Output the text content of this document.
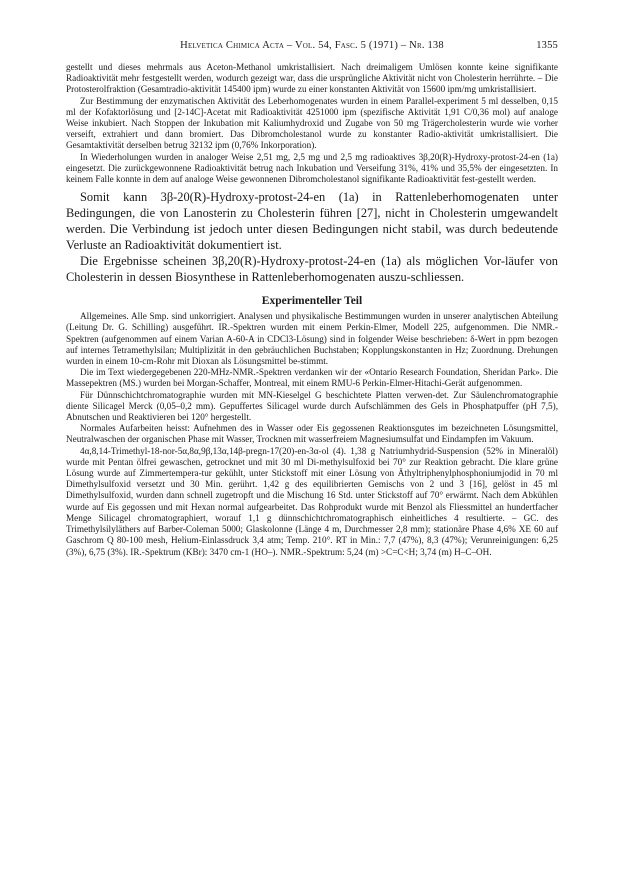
Helvetica Chimica Acta – Vol. 54, Fasc. 5 (1971) – Nr. 138	1355

gestellt und dieses mehrmals aus Aceton-Methanol umkristallisiert. Nach dreimaligem Umlösen konnte keine signifikante Radioaktivität mehr festgestellt werden, wodurch gezeigt war, dass die ursprüngliche Aktivität nicht von Cholesterin herrührte. – Die Protosterolfraktion (Gesamtradio-aktivität 145400 ipm) wurde zu einer konstanten Aktivität von 15600 ipm/mg umkristallisiert.

Zur Bestimmung der enzymatischen Aktivität des Leberhomogenates wurden in einem Parallel-experiment 5 ml desselben, 0,15 ml der Kofaktorlösung und [2-14C]-Acetat mit Radioaktivität 4251000 ipm (spezifische Aktivität 1,91 C/0,36 mol) auf analoge Weise inkubiert. Nach Stoppen der Inkubation mit Kaliumhydroxid und Zugabe von 50 mg Trägercholesterin wurde wie vorher verseift, extrahiert und dann bromiert. Das Dibromcholestanol wurde zu konstanter Radio-aktivität umkristallisiert. Die Gesamtaktivität derselben betrug 32132 ipm (0,76% Inkorporation).

In Wiederholungen wurden in analoger Weise 2,51 mg, 2,5 mg und 2,5 mg radioaktives 3β,20(R)-Hydroxy-protost-24-en (1a) eingesetzt. Die zurückgewonnene Radioaktivität betrug nach Inkubation und Verseifung 31%, 41% und 35,5% der eingesetzten. In keinem Falle konnte in dem auf analoge Weise gewonnenen Dibromcholestanol signifikante Radioaktivität fest-gestellt werden.

Somit kann 3β-20(R)-Hydroxy-protost-24-en (1a) in Rattenleberhomogenaten unter Bedingungen, die von Lanosterin zu Cholesterin führen [27], nicht in Cholesterin umgewandelt werden. Die Verbindung ist jedoch unter diesen Bedingungen nicht stabil, was durch bedeutende Verluste an Radioaktivität dokumentiert ist.

Die Ergebnisse scheinen 3β,20(R)-Hydroxy-protost-24-en (1a) als möglichen Vor-läufer von Cholesterin in dessen Biosynthese in Rattenleberhomogenaten auszu-schliessen.

Experimenteller Teil

Allgemeines. Alle Smp. sind unkorrigiert. Analysen und physikalische Bestimmungen wurden in unserer analytischen Abteilung (Leitung Dr. G. Schilling) ausgeführt. IR.-Spektren wurden mit einem Perkin-Elmer, Modell 225, aufgenommen. Die NMR.-Spektren (aufgenommen auf einem Varian A-60-A in CDCl3-Lösung) sind in folgender Weise beschrieben: δ-Wert in ppm bezogen auf internes Tetramethylsilan; Multiplizität in den gebräuchlichen Buchstaben; Kopplungskonstanten in Hz; Zuordnung. Drehungen wurden in einem 10-cm-Rohr mit Dioxan als Lösungsmittel be-stimmt.

Die im Text wiedergegebenen 220-MHz-NMR.-Spektren verdanken wir der «Ontario Research Foundation, Sheridan Park». Die Massepektren (MS.) wurden bei Morgan-Schaffer, Montreal, mit einem RMU-6 Perkin-Elmer-Hitachi-Gerät aufgenommen.

Für Dünnschichtchromatographie wurden mit MN-Kieselgel G beschichtete Platten verwen-det. Zur Säulenchromatographie diente Silicagel Merck (0,05–0,2 mm). Gepuffertes Silicagel wurde durch Aufschlämmen des Gels in Phosphatpuffer (pH 7,5), Abnutschen und Reaktivieren bei 120° hergestellt.

Normales Aufarbeiten heisst: Aufnehmen des in Wasser oder Eis gegossenen Reaktionsgutes im bezeichneten Lösungsmittel, Neutralwaschen der organischen Phase mit Wasser, Trocknen mit wasserfreiem Magnesiumsulfat und Eindampfen im Vakuum.

4α,8,14-Trimethyl-18-nor-5α,8α,9β,13α,14β-pregn-17(20)-en-3α-ol (4). 1,38 g Natriumhydrid-Suspension (52% in Mineralöl) wurde mit Pentan ölfrei gewaschen, getrocknet und mit 30 ml Di-methylsulfoxid bei 70° zur Reaktion gebracht. Die klare grüne Lösung wurde auf Zimmertempera-tur gekühlt, unter Stickstoff mit einer Lösung von Äthyltriphenylphosphoniumjodid in 70 ml Dimethylsulfoxid versetzt und 30 Min. gerührt. 1,42 g des equilibrierten Gemischs von 2 und 3 [16], gelöst in 45 ml Dimethylsulfoxid, wurden dann schnell zugetropft und die Mischung 16 Std. unter Stickstoff auf 70° erwärmt. Nach dem Abkühlen wurde auf Eis gegossen und mit Hexan normal aufgearbeitet. Das Rohprodukt wurde mit Benzol als Fliessmittel an hundertfacher Menge Silicagel chromatographiert, worauf 1,1 g dünnschichtchromatographisch einheitliches 4 resultierte. – GC. des Trimethylsilyläthers auf Barber-Coleman 5000; Glaskolonne (Länge 4 m, Durchmesser 2,8 mm); stationäre Phase 4,6% XE 60 auf Gaschrom Q 80-100 mesh, Helium-Einlassdruck 3,4 atm; Temp. 210°. RT in Min.: 7,7 (47%), 8,3 (47%); Verunreinigungen: 6,25 (3%), 6,75 (3%). IR.-Spektrum (KBr): 3470 cm-1 (HO–). NMR.-Spektrum: 5,24 (m) >C=C<H; 3,74 (m) H–C–OH.
